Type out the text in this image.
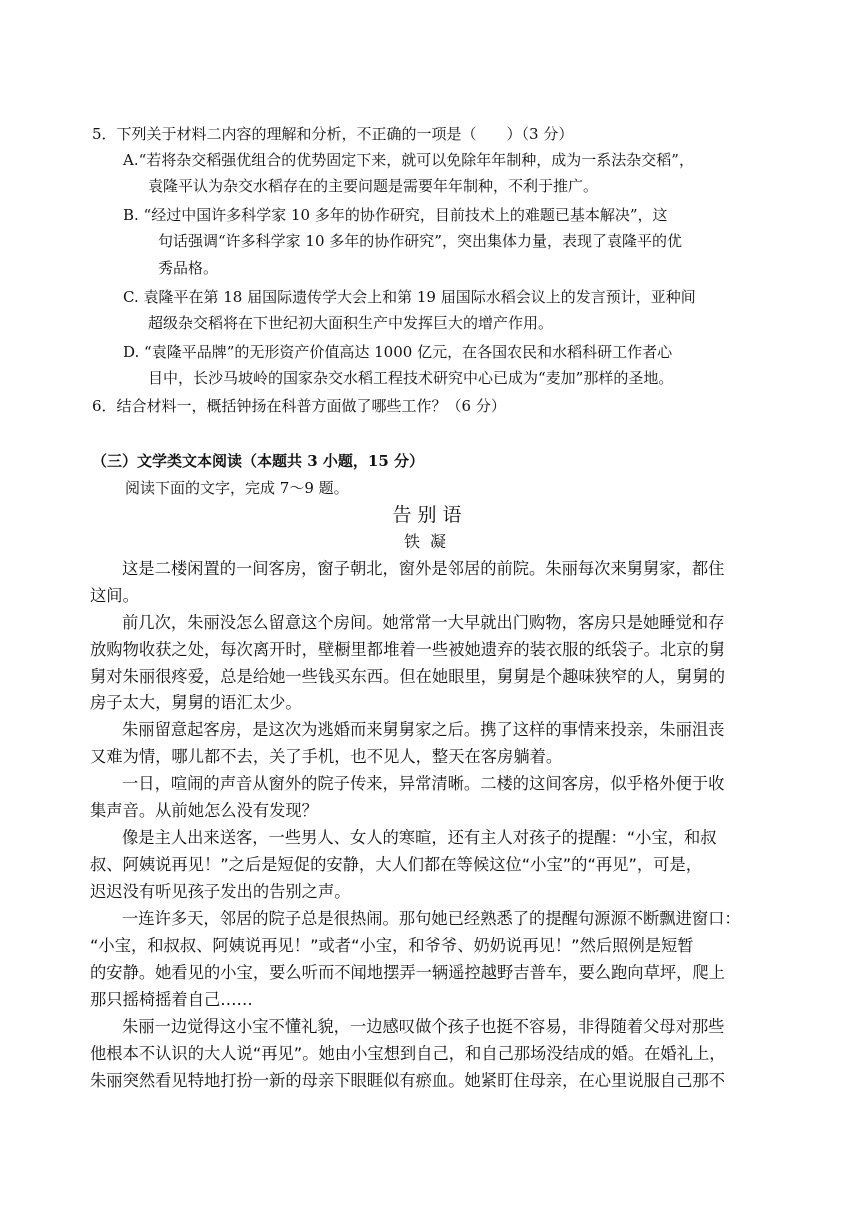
5．下列关于材料二内容的理解和分析，不正确的一项是（　　）（3 分）
A.“若将杂交稻强优组合的优势固定下来，就可以免除年年制种，成为一系法杂交稻”，
袁隆平认为杂交水稻存在的主要问题是需要年年制种，不利于推广。
B. “经过中国许多科学家 10 多年的协作研究，目前技术上的难题已基本解决”，这
句话强调“许多科学家 10 多年的协作研究”，突出集体力量，表现了袁隆平的优
秀品格。
C. 袁隆平在第 18 届国际遗传学大会上和第 19 届国际水稻会议上的发言预计，亚种间
超级杂交稻将在下世纪初大面积生产中发挥巨大的增产作用。
D. “袁隆平品牌”的无形资产价值高达 1000 亿元，在各国农民和水稻科研工作者心
目中，长沙马坡岭的国家杂交水稻工程技术研究中心已成为“麦加”那样的圣地。
6．结合材料一，概括钟扬在科普方面做了哪些工作？（6 分）
（三）文学类文本阅读（本题共 3 小题，15 分）
阅读下面的文字，完成 7～9 题。
告别语
铁凝
这是二楼闲置的一间客房，窗子朝北，窗外是邻居的前院。朱丽每次来舅舅家，都住
这间。
前几次，朱丽没怎么留意这个房间。她常常一大早就出门购物，客房只是她睡觉和存
放购物收获之处，每次离开时，壁橱里都堆着一些被她遗弃的装衣服的纸袋子。北京的舅
舅对朱丽很疼爱，总是给她一些钱买东西。但在她眼里，舅舅是个趣味狭窄的人，舅舅的
房子太大，舅舅的语汇太少。
朱丽留意起客房，是这次为逃婚而来舅舅家之后。携了这样的事情来投亲，朱丽沮丧
又难为情，哪儿都不去，关了手机，也不见人，整天在客房躺着。
一日，喧闹的声音从窗外的院子传来，异常清晰。二楼的这间客房，似乎格外便于收
集声音。从前她怎么没有发现？
像是主人出来送客，一些男人、女人的寒暄，还有主人对孩子的提醒：“小宝，和叔
叔、阿姨说再见！”之后是短促的安静，大人们都在等候这位“小宝”的“再见”，可是，
迟迟没有听见孩子发出的告别之声。
一连许多天，邻居的院子总是很热闹。那句她已经熟悉了的提醒句源源不断飘进窗口：
“小宝，和叔叔、阿姨说再见！”或者“小宝，和爷爷、奶奶说再见！”然后照例是短暂
的安静。她看见的小宝，要么听而不闻地摆弄一辆遥控越野吉普车，要么跑向草坪，爬上
那只摇椅摇着自己……
朱丽一边觉得这小宝不懂礼貌，一边感叹做个孩子也挺不容易，非得随着父母对那些
他根本不认识的大人说“再见”。她由小宝想到自己，和自己那场没结成的婚。在婚礼上，
朱丽突然看见特地打扮一新的母亲下眼睚似有瘀血。她紧盯住母亲，在心里说服自己那不
